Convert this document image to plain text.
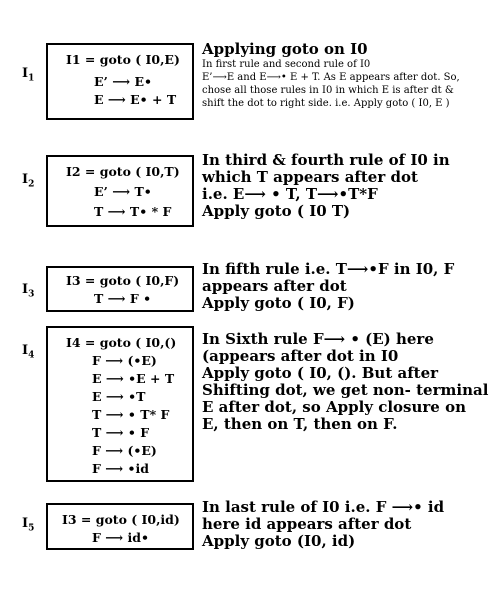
$I_1$
I1 = goto ( I0,E)
E’ ⟶ E•
E ⟶ E• + T
Applying goto on I0
In first rule and second rule of I0
E’⟶E and E⟶• E + T. As E appears after dot. So,
chose all those rules in I0 in which E is after dt &
shift the dot to right side. i.e. Apply goto ( I0, E )
$I_2$
I2 = goto ( I0,T)
E’ ⟶ T•
T ⟶ T• * F
In third & fourth rule of I0 in
which T appears after dot
i.e. E⟶ • T, T⟶•T*F
Apply goto ( I0 T)
$I_3$
I3 = goto ( I0,F)
T ⟶ F •
In fifth rule i.e. T⟶•F in I0, F
appears after dot
Apply goto ( I0, F)
$I_4$
I4 = goto ( I0,()
F ⟶ (•E)
E ⟶ •E + T
E ⟶ •T
T ⟶ • T* F
T ⟶ • F
F ⟶ (•E)
F ⟶ •id
In Sixth rule F⟶ • (E) here
(appears after dot in I0
Apply goto ( I0, (). But after
Shifting dot, we get non- terminal
E after dot, so Apply closure on
E, then on T, then on F.
$I_5$
I3 = goto ( I0,id)
F ⟶ id•
In last rule of I0 i.e. F ⟶• id
here id appears after dot
Apply goto (I0, id)
